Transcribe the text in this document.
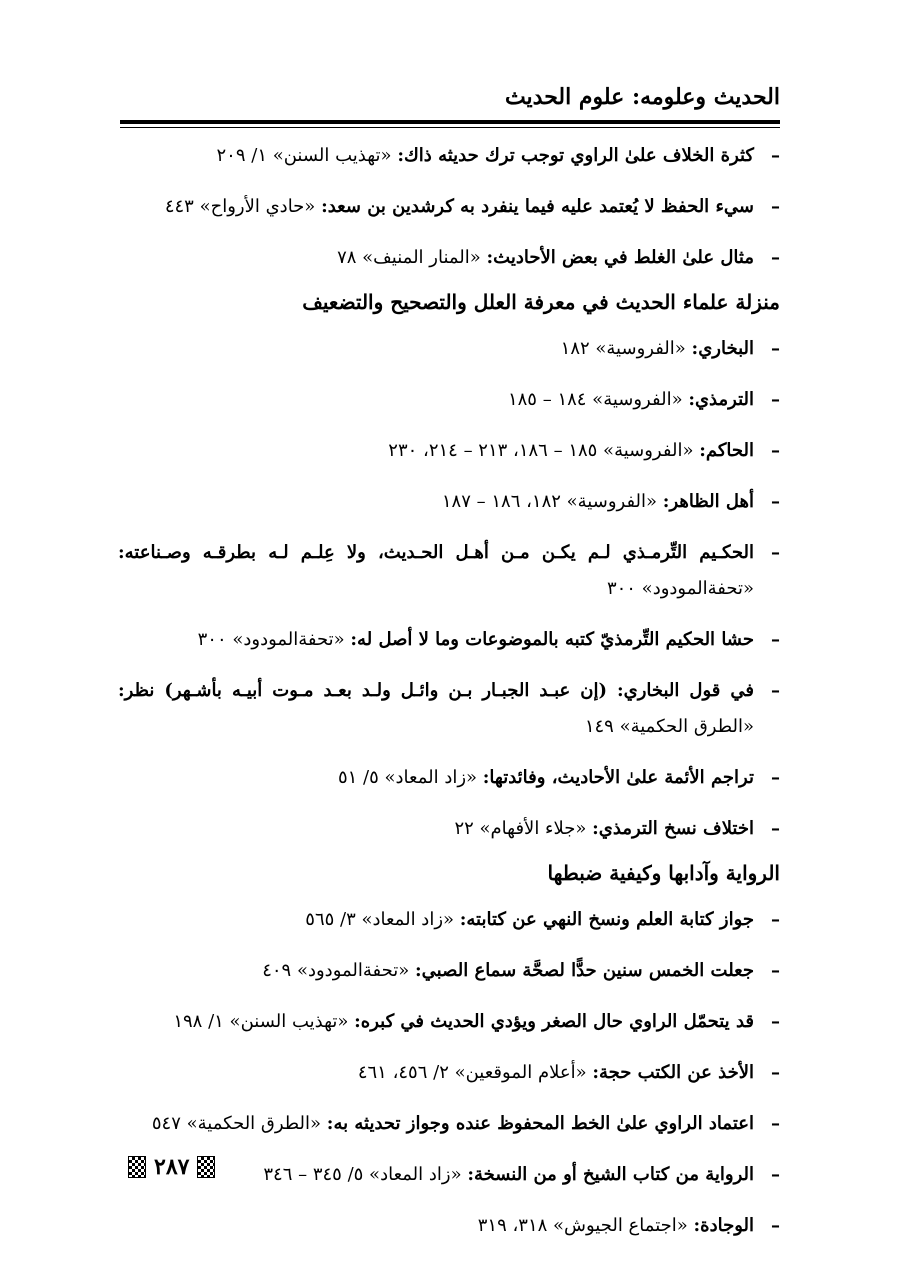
الحديث وعلومه: علوم الحديث
–
كثرة الخلاف علىٰ الراوي توجب ترك حديثه ذاك: «تهذيب السنن» ١/ ٢٠٩
–
سيء الحفظ لا يُعتمد عليه فيما ينفرد به كرشدين بن سعد: «حادي الأرواح» ٤٤٣
–
مثال علىٰ الغلط في بعض الأحاديث: «المنار المنيف» ٧٨
منزلة علماء الحديث في معرفة العلل والتصحيح والتضعيف
–
البخاري: «الفروسية» ١٨٢
–
الترمذي: «الفروسية» ١٨٤ – ١٨٥
–
الحاكم: «الفروسية» ١٨٥ – ١٨٦، ٢١٣ – ٢١٤، ٢٣٠
–
أهل الظاهر: «الفروسية» ١٨٢، ١٨٦ – ١٨٧
–
الحكـيم التِّرمـذي لـم يكـن مـن أهـل الحـديث، ولا عِلـم لـه بطرقـه وصـناعته: «تحفةالمودود» ٣٠٠
–
حشا الحكيم التِّرمذيّ كتبه بالموضوعات وما لا أصل له: «تحفةالمودود» ٣٠٠
–
في قول البخاري: (إن عبـد الجبـار بـن وائـل ولـد بعـد مـوت أبيـه بأشـهر) نظر: «الطرق الحكمية» ١٤٩
–
تراجم الأئمة علىٰ الأحاديث، وفائدتها: «زاد المعاد» ٥/ ٥١
–
اختلاف نسخ الترمذي: «جلاء الأفهام» ٢٢
الرواية وآدابها وكيفية ضبطها
–
جواز كتابة العلم ونسخ النهي عن كتابته: «زاد المعاد» ٣/ ٥٦٥
–
جعلت الخمس سنين حدًّا لصحَّة سماع الصبي: «تحفةالمودود» ٤٠٩
–
قد يتحمّل الراوي حال الصغر ويؤدي الحديث في كبره: «تهذيب السنن» ١/ ١٩٨
–
الأخذ عن الكتب حجة: «أعلام الموقعين» ٢/ ٤٥٦، ٤٦١
–
اعتماد الراوي علىٰ الخط المحفوظ عنده وجواز تحديثه به: «الطرق الحكمية» ٥٤٧
–
الرواية من كتاب الشيخ أو من النسخة: «زاد المعاد» ٥/ ٣٤٥ – ٣٤٦
–
الوجادة: «اجتماع الجيوش» ٣١٨، ٣١٩
٢٨٧
